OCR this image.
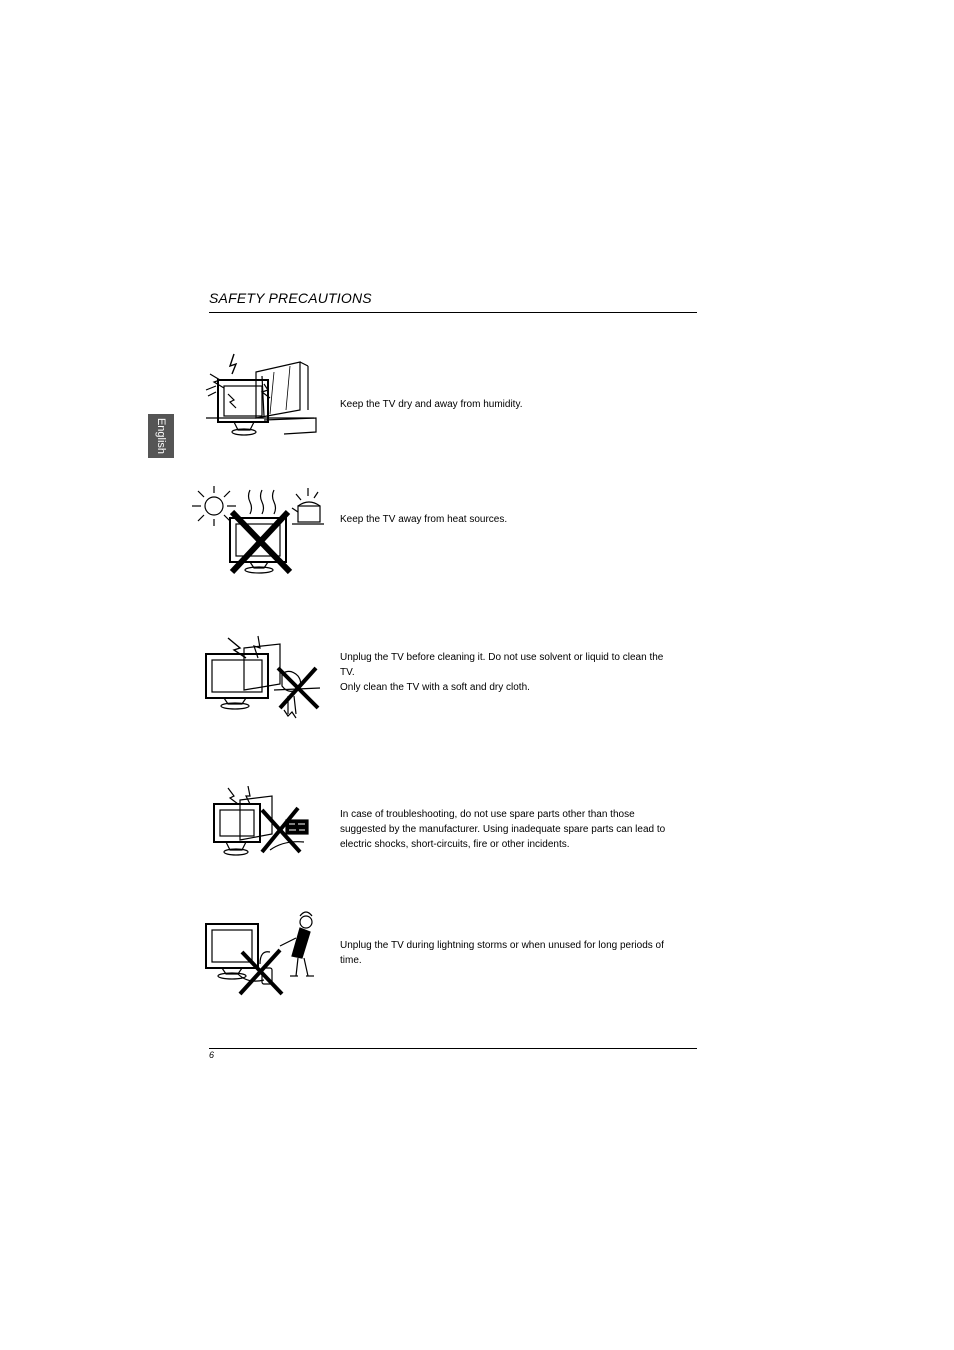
SAFETY PRECAUTIONS
English

Keep the TV dry and away from humidity.

Keep the TV away from heat sources.

Unplug the TV before cleaning it. Do not use solvent or liquid to clean the TV.

Only clean the TV with a soft and dry cloth.

In case of troubleshooting, do not use spare parts other than those suggested by the manufacturer. Using inadequate spare parts can lead to electric shocks, short-circuits, fire or other incidents.

Unplug the TV during lightning storms or when unused for long periods of time.

6
